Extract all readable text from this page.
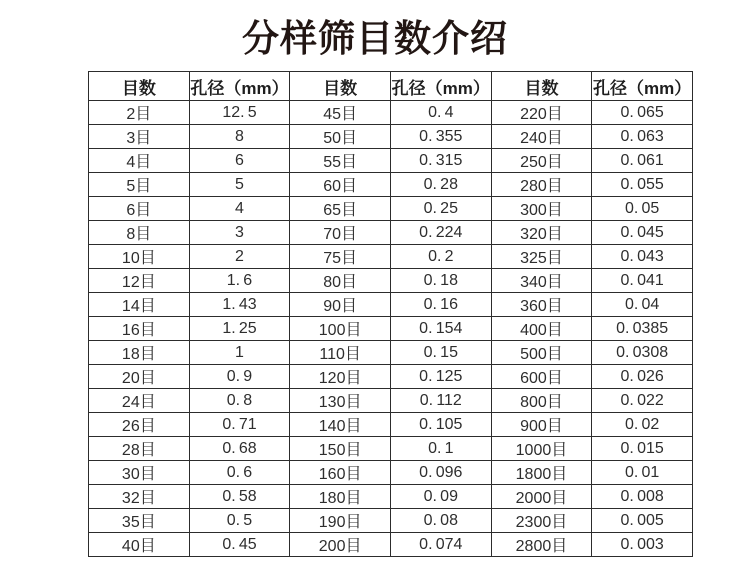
分样筛目数介绍
目数	孔径（mm）	目数	孔径（mm）	目数	孔径（mm）
2目	12. 5	45目	0. 4	220目	0. 065
3目	8	50目	0. 355	240目	0. 063
4目	6	55目	0. 315	250目	0. 061
5目	5	60目	0. 28	280目	0. 055
6目	4	65目	0. 25	300目	0. 05
8目	3	70目	0. 224	320目	0. 045
10目	2	75目	0. 2	325目	0. 043
12目	1. 6	80目	0. 18	340目	0. 041
14目	1. 43	90目	0. 16	360目	0. 04
16目	1. 25	100目	0. 154	400目	0. 0385
18目	1	110目	0. 15	500目	0. 0308
20目	0. 9	120目	0. 125	600目	0. 026
24目	0. 8	130目	0. 112	800目	0. 022
26目	0. 71	140目	0. 105	900目	0. 02
28目	0. 68	150目	0. 1	1000目	0. 015
30目	0. 6	160目	0. 096	1800目	0. 01
32目	0. 58	180目	0. 09	2000目	0. 008
35目	0. 5	190目	0. 08	2300目	0. 005
40目	0. 45	200目	0. 074	2800目	0. 003
